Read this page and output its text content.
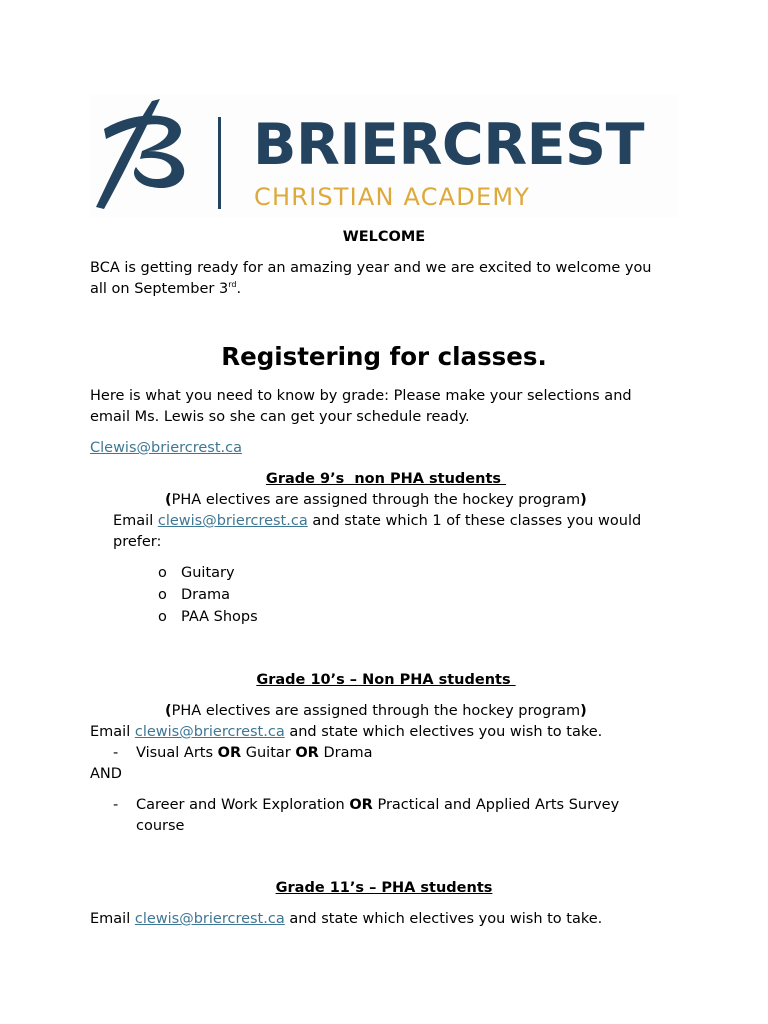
BRIERCREST
CHRISTIAN ACADEMY
WELCOME
BCA is getting ready for an amazing year and we are excited to welcome you
all on September 3rd.
Registering for classes.
Here is what you need to know by grade: Please make your selections and
email Ms. Lewis so she can get your schedule ready.
Clewis@briercrest.ca
Grade 9’s  non PHA students
(PHA electives are assigned through the hockey program)
Email clewis@briercrest.ca and state which 1 of these classes you would
prefer:
o Guitary
o Drama
o PAA Shops
Grade 10’s – Non PHA students
(PHA electives are assigned through the hockey program)
Email clewis@briercrest.ca and state which electives you wish to take.
- Visual Arts OR Guitar OR Drama
AND
- Career and Work Exploration OR Practical and Applied Arts Survey
course
Grade 11’s – PHA students
Email clewis@briercrest.ca and state which electives you wish to take.
